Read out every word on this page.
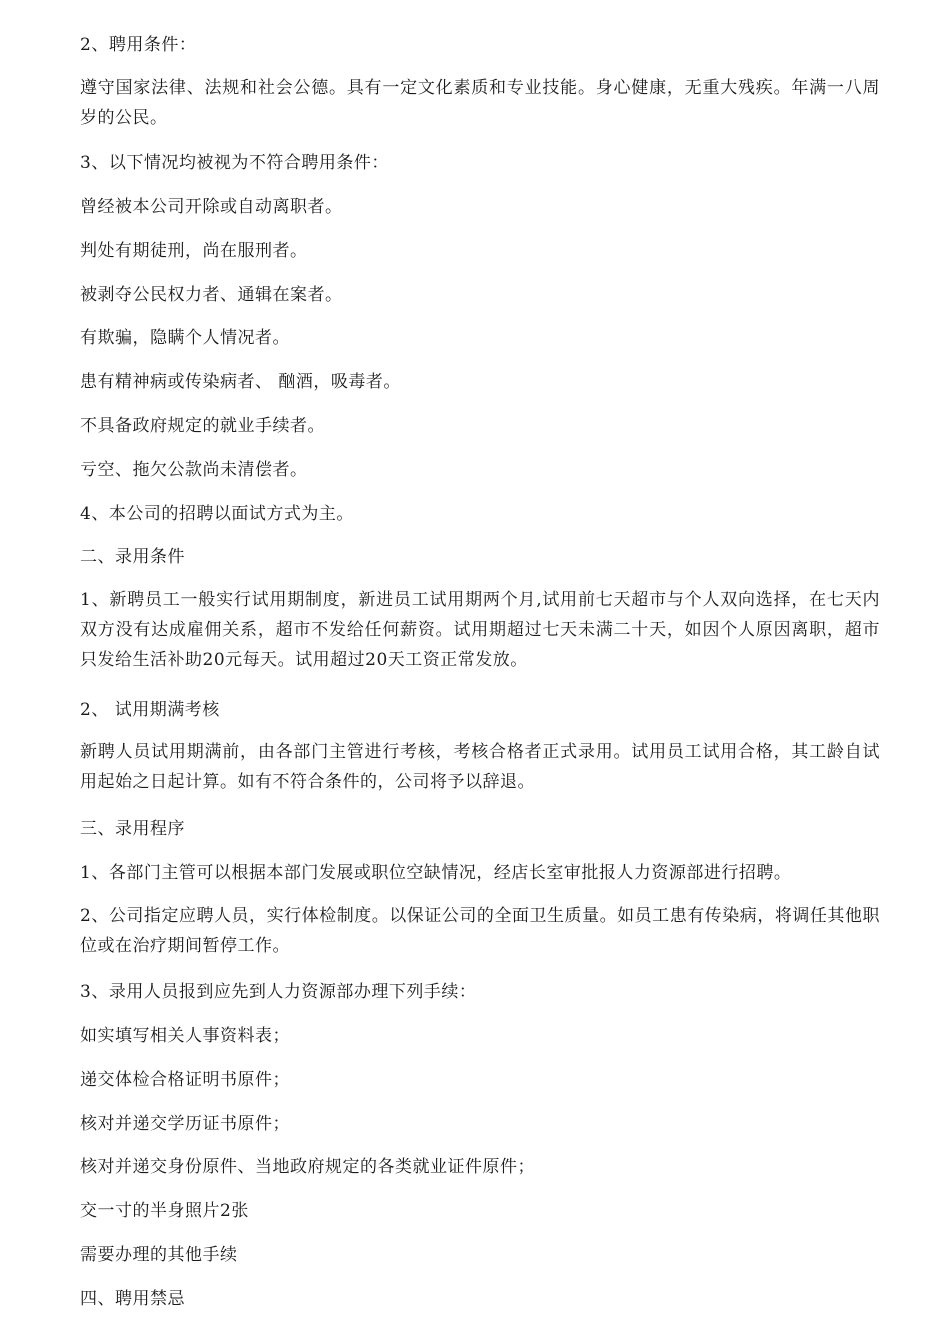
2、聘用条件：
遵守国家法律、法规和社会公德。具有一定文化素质和专业技能。身心健康，无重大残疾。年满一八周岁的公民。
3、以下情况均被视为不符合聘用条件：
曾经被本公司开除或自动离职者。
判处有期徒刑，尚在服刑者。
被剥夺公民权力者、通辑在案者。
有欺骗，隐瞒个人情况者。
患有精神病或传染病者、 酗酒，吸毒者。
不具备政府规定的就业手续者。
亏空、拖欠公款尚未清偿者。
4、本公司的招聘以面试方式为主。
二、录用条件
1、新聘员工一般实行试用期制度，新进员工试用期两个月,试用前七天超市与个人双向选择，在七天内双方没有达成雇佣关系，超市不发给任何薪资。试用期超过七天未满二十天，如因个人原因离职，超市只发给生活补助20元每天。试用超过20天工资正常发放。
2、 试用期满考核
新聘人员试用期满前，由各部门主管进行考核，考核合格者正式录用。试用员工试用合格，其工龄自试用起始之日起计算。如有不符合条件的，公司将予以辞退。
三、录用程序
1、各部门主管可以根据本部门发展或职位空缺情况，经店长室审批报人力资源部进行招聘。
2、公司指定应聘人员，实行体检制度。以保证公司的全面卫生质量。如员工患有传染病，将调任其他职位或在治疗期间暂停工作。
3、录用人员报到应先到人力资源部办理下列手续：
如实填写相关人事资料表；
递交体检合格证明书原件；
核对并递交学历证书原件；
核对并递交身份原件、当地政府规定的各类就业证件原件；
交一寸的半身照片2张
需要办理的其他手续
四、聘用禁忌
